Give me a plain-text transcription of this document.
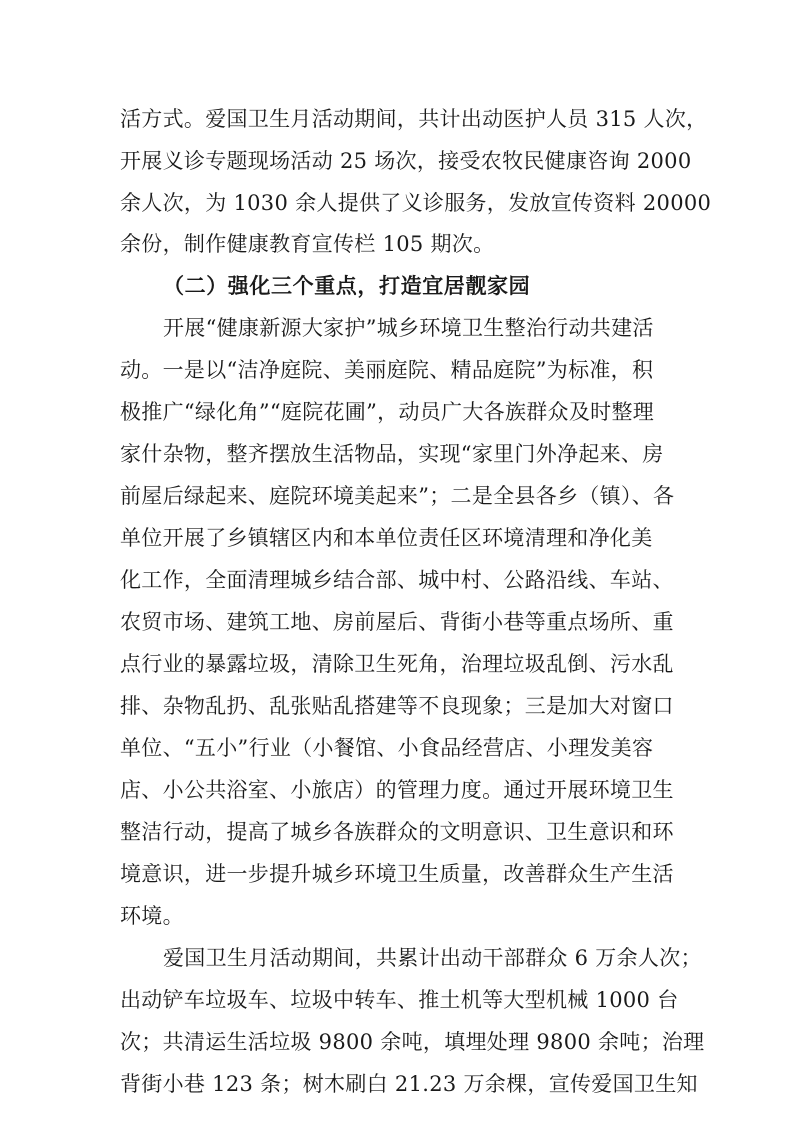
活方式。爱国卫生月活动期间，共计出动医护人员 315 人次，
开展义诊专题现场活动 25 场次，接受农牧民健康咨询 2000
余人次，为 1030 余人提供了义诊服务，发放宣传资料 20000
余份，制作健康教育宣传栏 105 期次。
（二）强化三个重点，打造宜居靓家园
开展“健康新源大家护”城乡环境卫生整治行动共建活
动。一是以“洁净庭院、美丽庭院、精品庭院”为标准，积
极推广“绿化角”“庭院花圃”，动员广大各族群众及时整理
家什杂物，整齐摆放生活物品，实现“家里门外净起来、房
前屋后绿起来、庭院环境美起来”；二是全县各乡（镇）、各
单位开展了乡镇辖区内和本单位责任区环境清理和净化美
化工作，全面清理城乡结合部、城中村、公路沿线、车站、
农贸市场、建筑工地、房前屋后、背街小巷等重点场所、重
点行业的暴露垃圾，清除卫生死角，治理垃圾乱倒、污水乱
排、杂物乱扔、乱张贴乱搭建等不良现象；三是加大对窗口
单位、“五小”行业（小餐馆、小食品经营店、小理发美容
店、小公共浴室、小旅店）的管理力度。通过开展环境卫生
整洁行动，提高了城乡各族群众的文明意识、卫生意识和环
境意识，进一步提升城乡环境卫生质量，改善群众生产生活
环境。
爱国卫生月活动期间，共累计出动干部群众 6 万余人次；
出动铲车垃圾车、垃圾中转车、推土机等大型机械 1000 台
次；共清运生活垃圾 9800 余吨，填埋处理 9800 余吨；治理
背街小巷 123 条；树木刷白 21.23 万余棵，宣传爱国卫生知
